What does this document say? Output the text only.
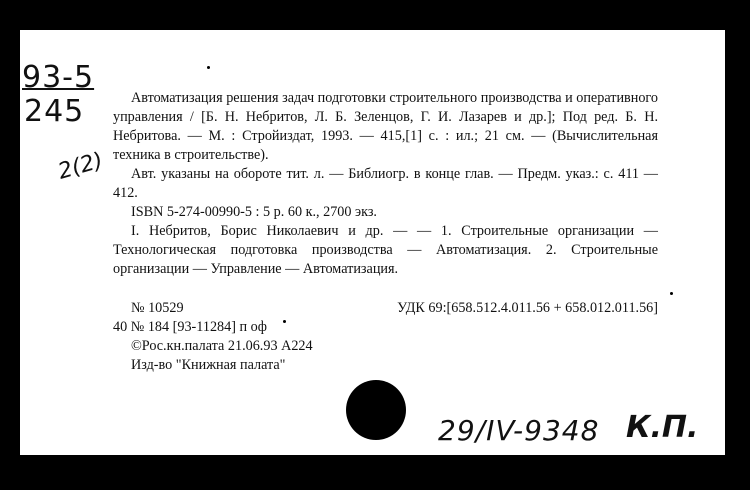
93-5
245
2(2)

Автоматизация решения задач подготовки строительного производства и оперативного управления / [Б. Н. Небритов, Л. Б. Зеленцов, Г. И. Лазарев и др.]; Под ред. Б. Н. Небритова. — М. : Стройиздат, 1993. — 415,[1] с. : ил.; 21 см. — (Вычислительная техника в строительстве).

Авт. указаны на обороте тит. л. — Библиогр. в конце глав. — Предм. указ.: с. 411 — 412.

ISBN 5-274-00990-5 : 5 р. 60 к., 2700 экз.

I. Небритов, Борис Николаевич и др. — — 1. Строительные организации — Технологическая подготовка производства — Автоматизация. 2. Строительные организации — Управление — Автоматизация.

№ 10529	УДК 69:[658.512.4.011.56 + 658.012.011.56]

40 № 184 [93-11284] п оф

©Рос.кн.палата 21.06.93 А224

Изд-во "Книжная палата"

29/IV-9348 К.П.
